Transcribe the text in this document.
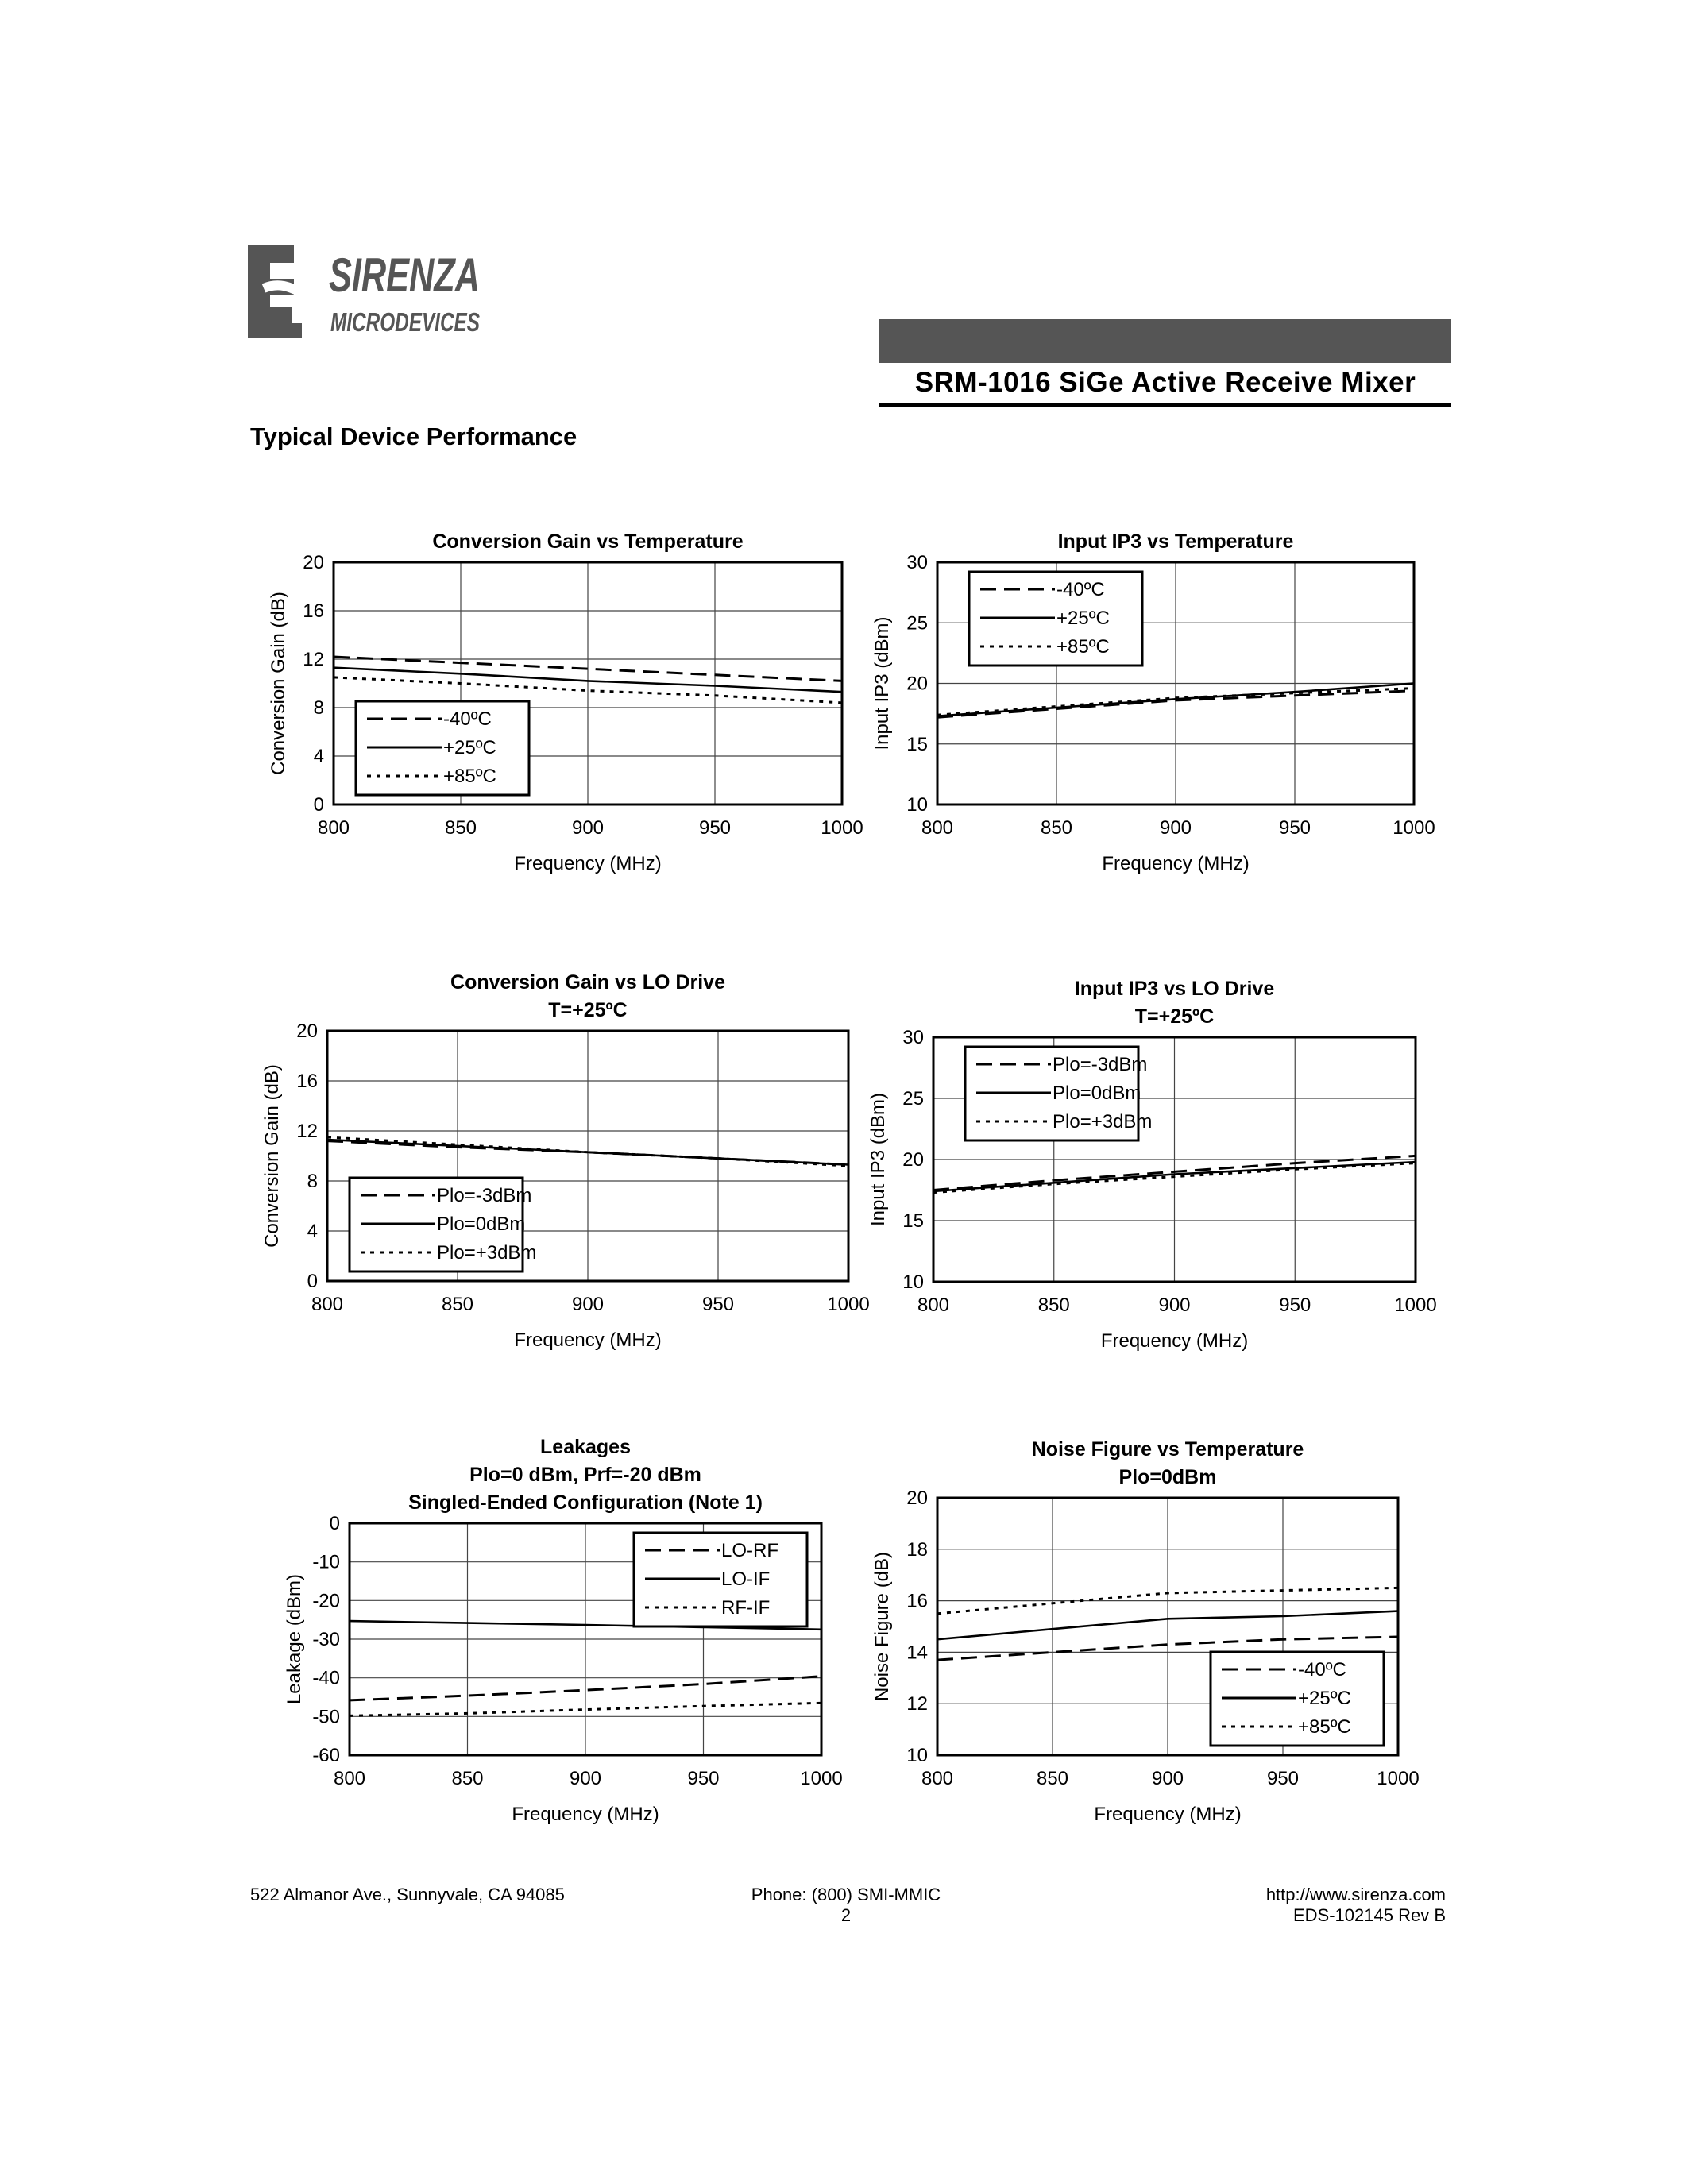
SIRENZA
MICRODEVICES
SRM-1016 SiGe Active Receive Mixer
Typical Device Performance
Conversion Gain vs Temperature
800	850	900	950	1000
0
4
8
12
16
20
Frequency (MHz)
Conversion Gain (dB)	-40ºC
+25ºC
+85ºC
Input IP3 vs Temperature
800	850	900	950	1000
10
15
20
25
30
Frequency (MHz)
Input IP3 (dBm)
-40ºC
+25ºC
+85ºC
Conversion Gain vs LO Drive
T=+25ºC
800	850	900	950	1000
0
4
8
12
16
20
Frequency (MHz)
Conversion Gain (dB)	Plo=-3dBm
Plo=0dBm
Plo=+3dBm
Input IP3 vs LO Drive
T=+25ºC
800	850	900	950	1000
10
15
20
25
30
Frequency (MHz)
Input IP3 (dBm)
Plo=-3dBm
Plo=0dBm
Plo=+3dBm
Leakages
Plo=0 dBm, Prf=-20 dBm
Singled-Ended Configuration (Note 1)
800	850	900	950	1000
-60
-50
-40
-30
-20
-10
0
Frequency (MHz)
Leakage (dBm)
LO-RF
LO-IF
RF-IF
Noise Figure vs Temperature
Plo=0dBm
800	850	900	950	1000
10
12
14
16
18
20
Frequency (MHz)
Noise Figure (dB)	-40ºC
+25ºC
+85ºC
522 Almanor Ave., Sunnyvale, CA 94085	Phone: (800) SMI-MMIC
2
http://www.sirenza.com
EDS-102145 Rev B
